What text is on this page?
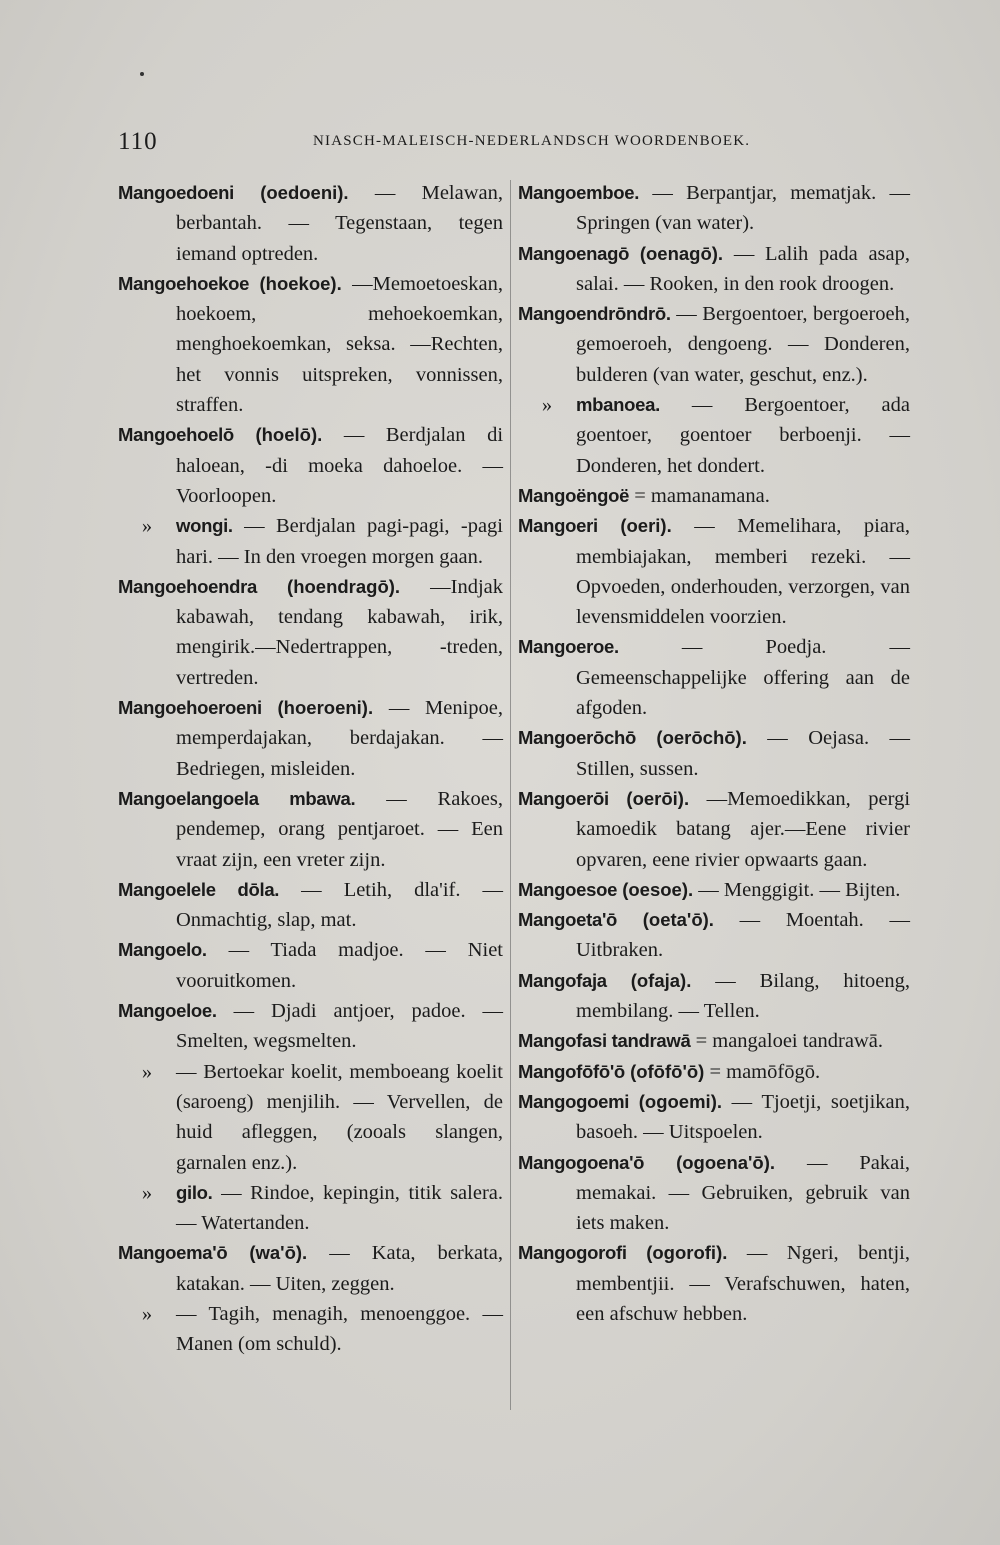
110	NIASCH-MALEISCH-NEDERLANDSCH WOORDENBOEK.
Mangoedoeni (oedoeni). — Melawan, berbantah. — Tegenstaan, tegen iemand optreden.
Mangoehoekoe (hoekoe). —Memoetoeskan, hoekoem, mehoekoemkan, menghoekoemkan, seksa. —Rechten, het vonnis uitspreken, vonnissen, straffen.
Mangoehoelō (hoelō). — Berdjalan di haloean, -di moeka dahoeloe. — Voorloopen.
» wongi. — Berdjalan pagi-pagi, -pagi hari. — In den vroegen morgen gaan.
Mangoehoendra (hoendragō). —Indjak kabawah, tendang kabawah, irik, mengirik.—Nedertrappen, -treden, vertreden.
Mangoehoeroeni (hoeroeni). — Menipoe, memperdajakan, berdajakan. — Bedriegen, misleiden.
Mangoelangoela mbawa. — Rakoes, pendemep, orang pentjaroet. — Een vraat zijn, een vreter zijn.
Mangoelele dōla. — Letih, dla'if. — Onmachtig, slap, mat.
Mangoelo. — Tiada madjoe. — Niet vooruitkomen.
Mangoeloe. — Djadi antjoer, padoe. — Smelten, wegsmelten.
» — Bertoekar koelit, memboeang koelit (saroeng) menjilih. — Vervellen, de huid afleggen, (zooals slangen, garnalen enz.).
» gilo. — Rindoe, kepingin, titik salera. — Watertanden.
Mangoema'ō (wa'ō). — Kata, berkata, katakan. — Uiten, zeggen.
» — Tagih, menagih, menoenggoe. — Manen (om schuld).
Mangoemboe. — Berpantjar, mematjak. — Springen (van water).
Mangoenagō (oenagō). — Lalih pada asap, salai. — Rooken, in den rook droogen.
Mangoendrōndrō. — Bergoentoer, bergoeroeh, gemoeroeh, dengoeng. — Donderen, bulderen (van water, geschut, enz.).
» mbanoea. — Bergoentoer, ada goentoer, goentoer berboenji. — Donderen, het dondert.
Mangoëngoë = mamanamana.
Mangoeri (oeri). — Memelihara, piara, membiajakan, memberi rezeki. — Opvoeden, onderhouden, verzorgen, van levensmiddelen voorzien.
Mangoeroe.	— Poedja. — Gemeenschappelijke offering aan de afgoden.
Mangoerōchō (oerōchō). — Oejasa. — Stillen, sussen.
Mangoerōi (oerōi). —Memoedikkan, pergi kamoedik batang ajer.—Eene rivier opvaren, eene rivier opwaarts gaan.
Mangoesoe (oesoe). — Menggigit. — Bijten.
Mangoeta'ō (oeta'ō). — Moentah. — Uitbraken.
Mangofaja (ofaja). — Bilang, hitoeng, membilang. — Tellen.
Mangofasi tandrawā = mangaloei tandrawā.
Mangofōfō'ō (ofōfō'ō) = mamōfōgō.
Mangogoemi (ogoemi). — Tjoetji, soetjikan, basoeh. — Uitspoelen.
Mangogoena'ō (ogoena'ō). — Pakai, memakai. — Gebruiken, gebruik van iets maken.
Mangogorofi (ogorofi). — Ngeri, bentji, membentjii. — Verafschuwen, haten, een afschuw hebben.
